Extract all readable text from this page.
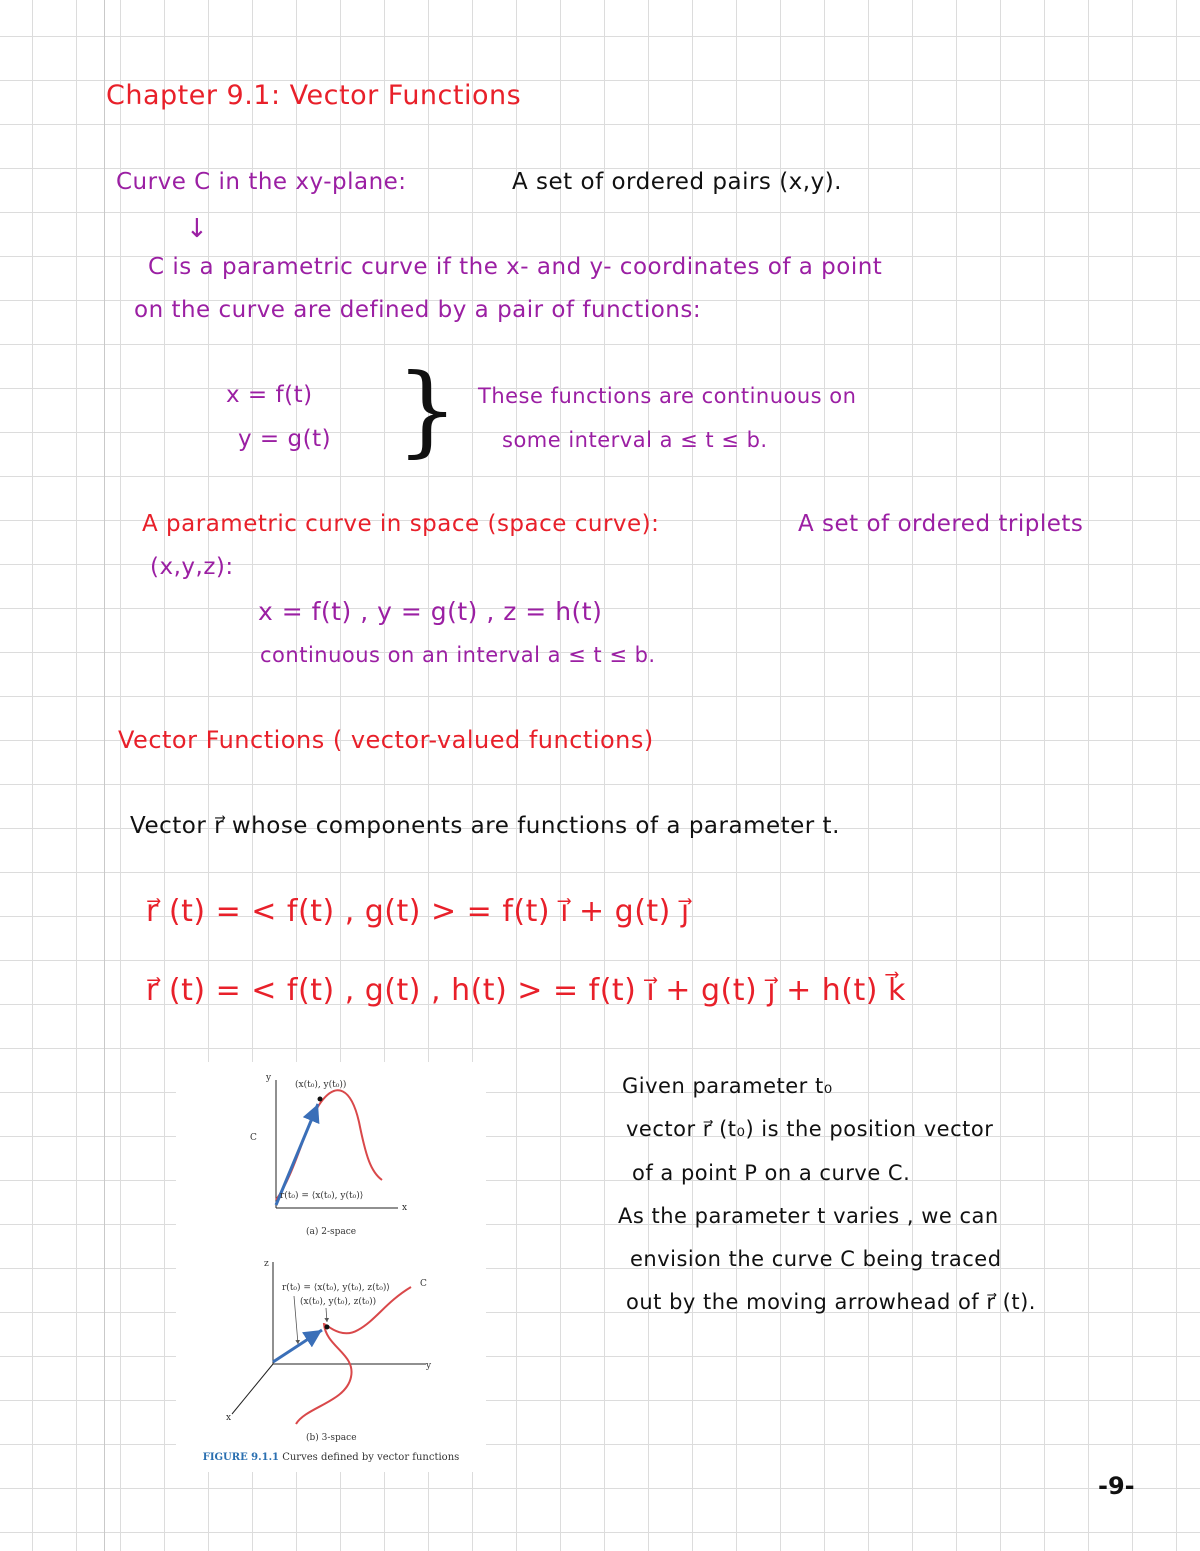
Chapter 9.1: Vector Functions
Curve C in the xy-plane:	A set of ordered pairs (x,y).
↓
C is a parametric curve if the x- and y- coordinates of a point
on the curve are defined by a pair of functions:
x = f(t)
y = g(t) } These functions are continuous on
some interval a ≤ t ≤ b.
A parametric curve in space (space curve):	A set of ordered triplets
(x,y,z):
x = f(t) , y = g(t) , z = h(t)
continuous on an interval a ≤ t ≤ b.
Vector Functions ( vector-valued functions)
Vector r⃗ whose components are functions of a parameter t.
r⃗ (t) = < f(t) , g(t) > = f(t) i⃗ + g(t) j⃗
r⃗ (t) = < f(t) , g(t) , h(t) > = f(t) i⃗ + g(t) j⃗ + h(t) k⃗
(x(t₀), y(t₀))
C
r(t₀) = ⟨x(t₀), y(t₀)⟩
y
x
(a) 2-space
r(t₀) = ⟨x(t₀), y(t₀), z(t₀)⟩
(x(t₀), y(t₀), z(t₀))
C
z
y
x
(b) 3-space
FIGURE 9.1.1 Curves defined by vector functions
Given parameter t₀
vector r⃗ (t₀) is the position vector
of a point P on a curve C.
As the parameter t varies , we can
envision the curve C being traced
out by the moving arrowhead of r⃗ (t).
-9-
